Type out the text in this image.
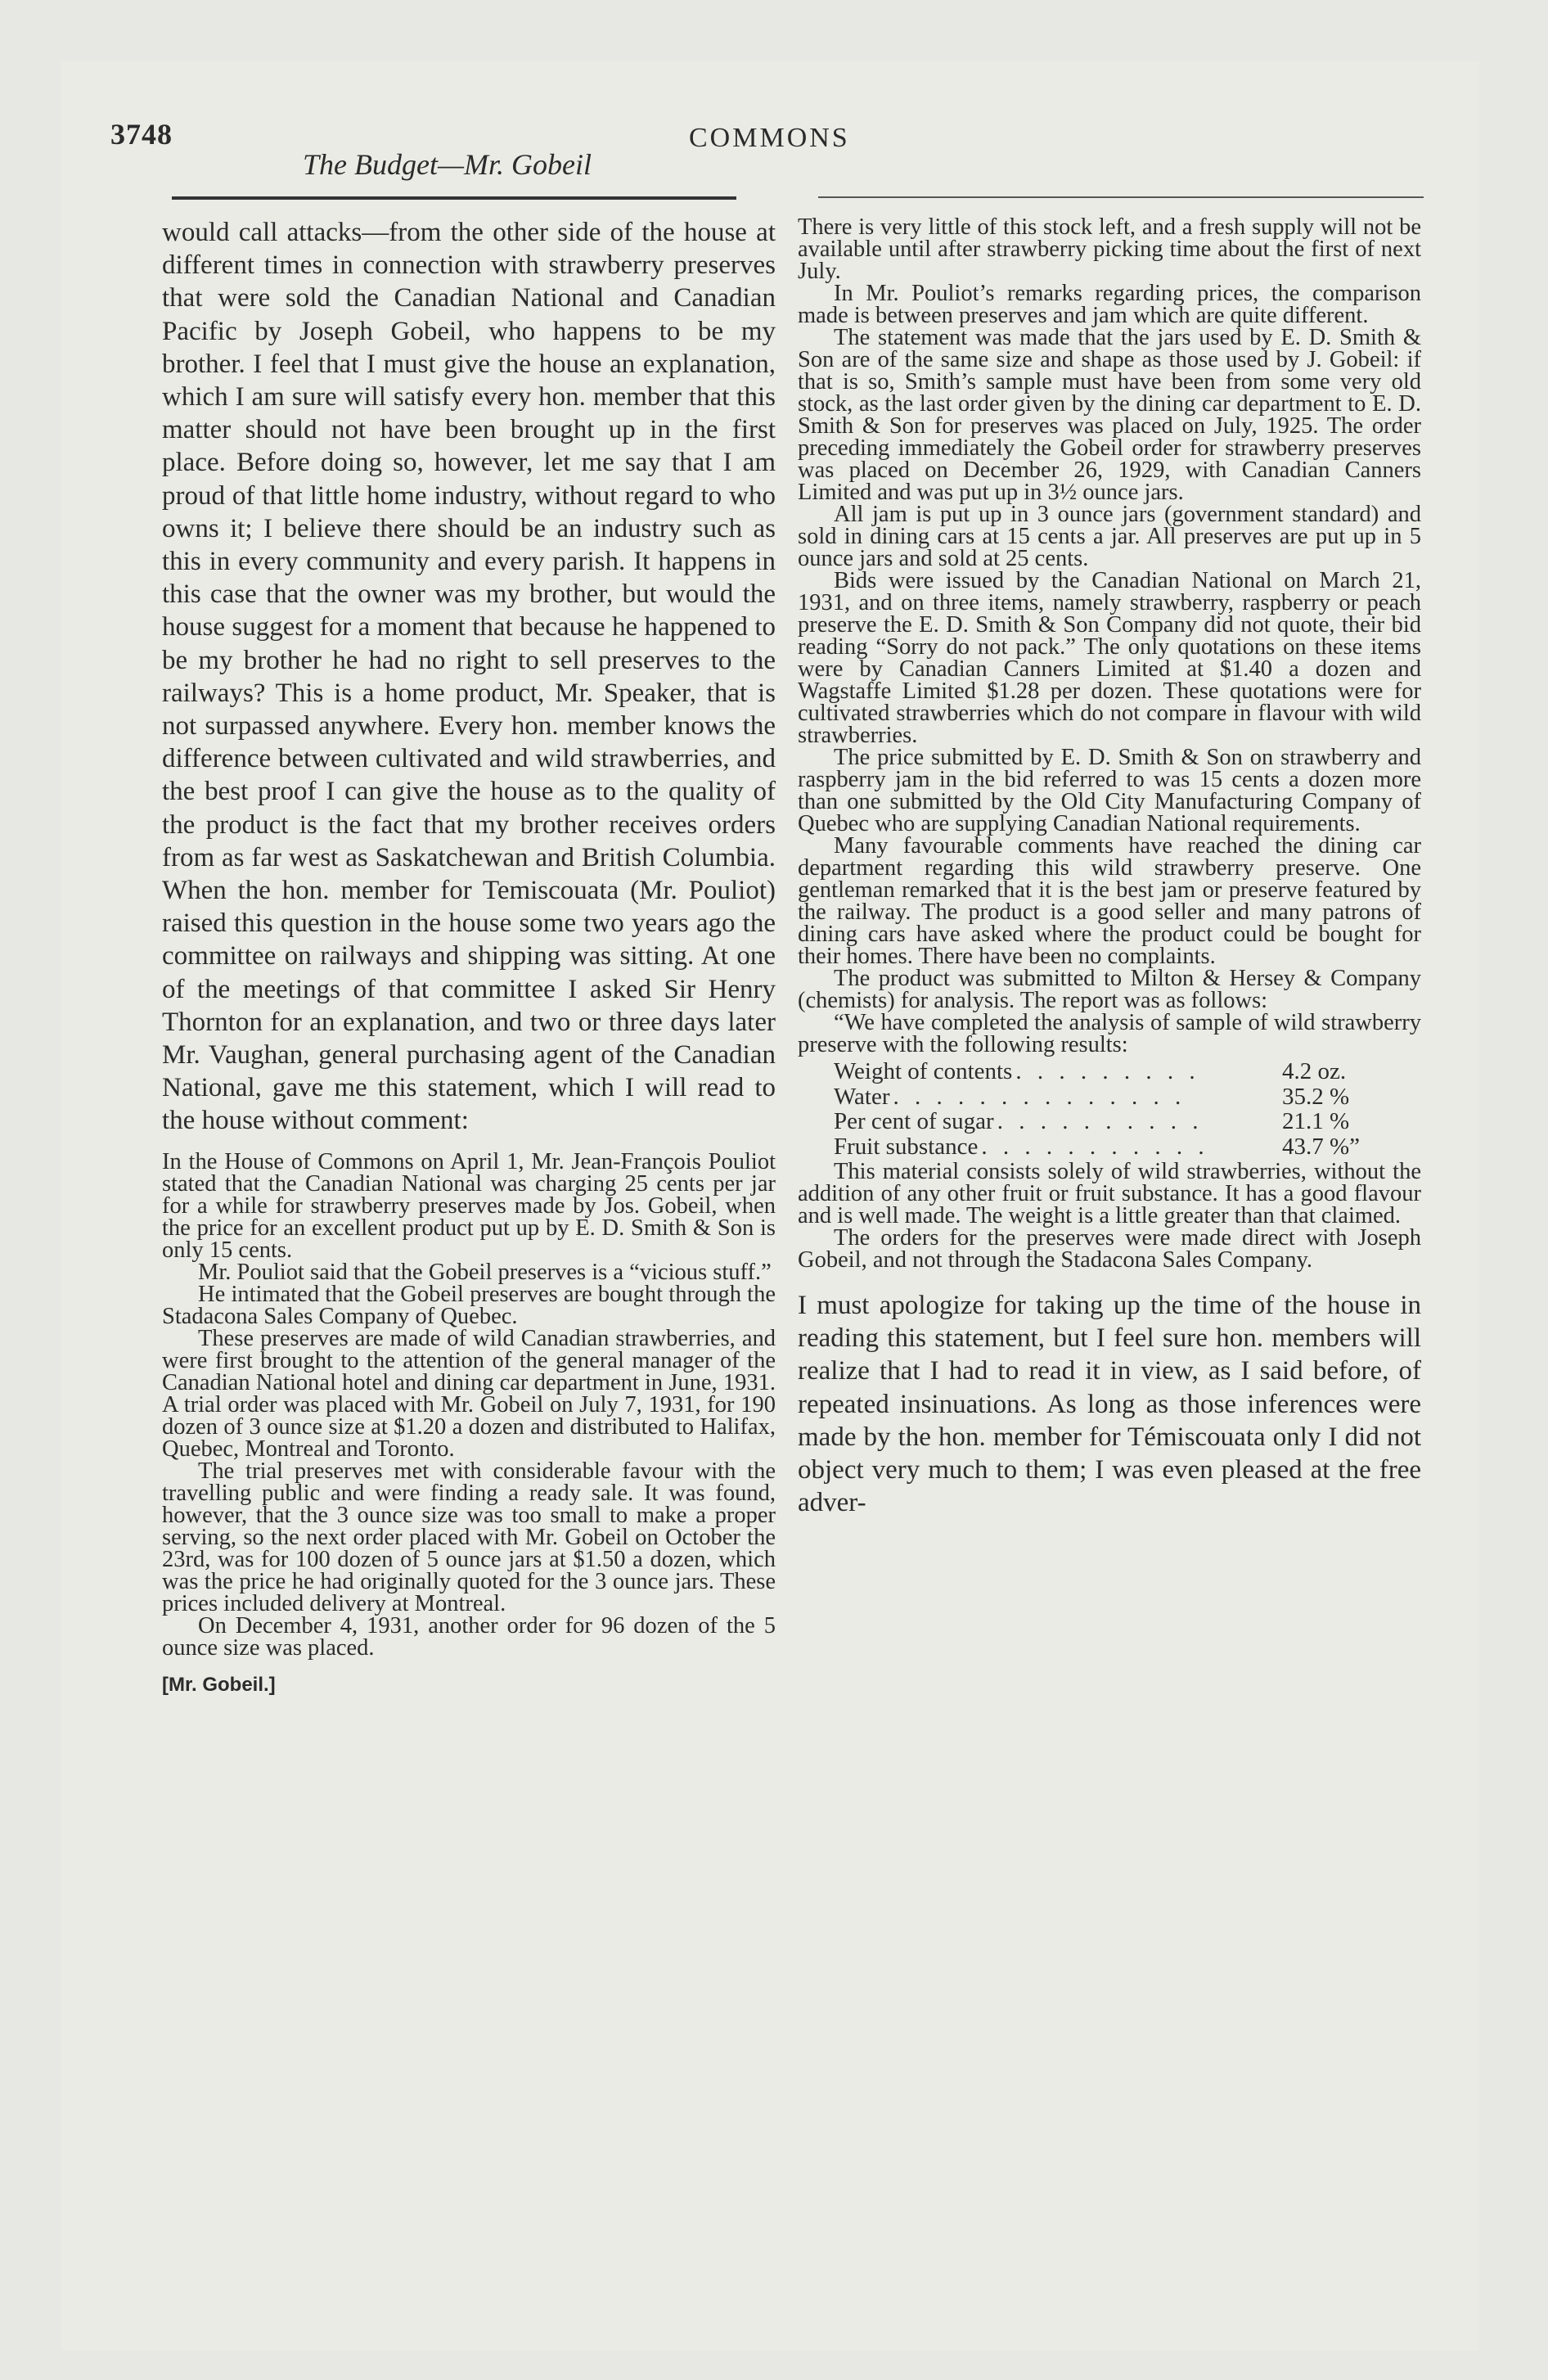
3748
The Budget—Mr. Gobeil
COMMONS

would call attacks—from the other side of the house at different times in connection with strawberry preserves that were sold the Canadian National and Canadian Pacific by Joseph Gobeil, who happens to be my brother. I feel that I must give the house an explanation, which I am sure will satisfy every hon. member that this matter should not have been brought up in the first place. Before doing so, however, let me say that I am proud of that little home industry, without regard to who owns it; I believe there should be an industry such as this in every community and every parish. It happens in this case that the owner was my brother, but would the house suggest for a moment that because he happened to be my brother he had no right to sell preserves to the railways? This is a home product, Mr. Speaker, that is not surpassed anywhere. Every hon. member knows the difference between cultivated and wild strawberries, and the best proof I can give the house as to the quality of the product is the fact that my brother receives orders from as far west as Saskatchewan and British Columbia. When the hon. member for Temiscouata (Mr. Pouliot) raised this question in the house some two years ago the committee on railways and shipping was sitting. At one of the meetings of that committee I asked Sir Henry Thornton for an explanation, and two or three days later Mr. Vaughan, general purchasing agent of the Canadian National, gave me this statement, which I will read to the house without comment:

In the House of Commons on April 1, Mr. Jean-François Pouliot stated that the Canadian National was charging 25 cents per jar for a while for strawberry preserves made by Jos. Gobeil, when the price for an excellent product put up by E. D. Smith & Son is only 15 cents.

Mr. Pouliot said that the Gobeil preserves is a “vicious stuff.”

He intimated that the Gobeil preserves are bought through the Stadacona Sales Company of Quebec.

These preserves are made of wild Canadian strawberries, and were first brought to the attention of the general manager of the Canadian National hotel and dining car department in June, 1931. A trial order was placed with Mr. Gobeil on July 7, 1931, for 190 dozen of 3 ounce size at $1.20 a dozen and distributed to Halifax, Quebec, Montreal and Toronto.

The trial preserves met with considerable favour with the travelling public and were finding a ready sale. It was found, however, that the 3 ounce size was too small to make a proper serving, so the next order placed with Mr. Gobeil on October the 23rd, was for 100 dozen of 5 ounce jars at $1.50 a dozen, which was the price he had originally quoted for the 3 ounce jars. These prices included delivery at Montreal.

On December 4, 1931, another order for 96 dozen of the 5 ounce size was placed.

[Mr. Gobeil.]

There is very little of this stock left, and a fresh supply will not be available until after strawberry picking time about the first of next July.

In Mr. Pouliot’s remarks regarding prices, the comparison made is between preserves and jam which are quite different.

The statement was made that the jars used by E. D. Smith & Son are of the same size and shape as those used by J. Gobeil: if that is so, Smith’s sample must have been from some very old stock, as the last order given by the dining car department to E. D. Smith & Son for preserves was placed on July, 1925. The order preceding immediately the Gobeil order for strawberry preserves was placed on December 26, 1929, with Canadian Canners Limited and was put up in 3½ ounce jars.

All jam is put up in 3 ounce jars (government standard) and sold in dining cars at 15 cents a jar. All preserves are put up in 5 ounce jars and sold at 25 cents.

Bids were issued by the Canadian National on March 21, 1931, and on three items, namely strawberry, raspberry or peach preserve the E. D. Smith & Son Company did not quote, their bid reading “Sorry do not pack.” The only quotations on these items were by Canadian Canners Limited at $1.40 a dozen and Wagstaffe Limited $1.28 per dozen. These quotations were for cultivated strawberries which do not compare in flavour with wild strawberries.

The price submitted by E. D. Smith & Son on strawberry and raspberry jam in the bid referred to was 15 cents a dozen more than one submitted by the Old City Manufacturing Company of Quebec who are supplying Canadian National requirements.

Many favourable comments have reached the dining car department regarding this wild strawberry preserve. One gentleman remarked that it is the best jam or preserve featured by the railway. The product is a good seller and many patrons of dining cars have asked where the product could be bought for their homes. There have been no complaints.

The product was submitted to Milton & Hersey & Company (chemists) for analysis. The report was as follows:

“We have completed the analysis of sample of wild strawberry preserve with the following results:

Weight of contents . . . . . . . . .	4.2 oz.
Water . . . . . . . . . . . . . .	35.2 %
Per cent of sugar . . . . . . . . . .	21.1 %
Fruit substance . . . . . . . . . . .	43.7 %”

This material consists solely of wild strawberries, without the addition of any other fruit or fruit substance. It has a good flavour and is well made. The weight is a little greater than that claimed.

The orders for the preserves were made direct with Joseph Gobeil, and not through the Stadacona Sales Company.

I must apologize for taking up the time of the house in reading this statement, but I feel sure hon. members will realize that I had to read it in view, as I said before, of repeated insinuations. As long as those inferences were made by the hon. member for Témiscouata only I did not object very much to them; I was even pleased at the free adver-
